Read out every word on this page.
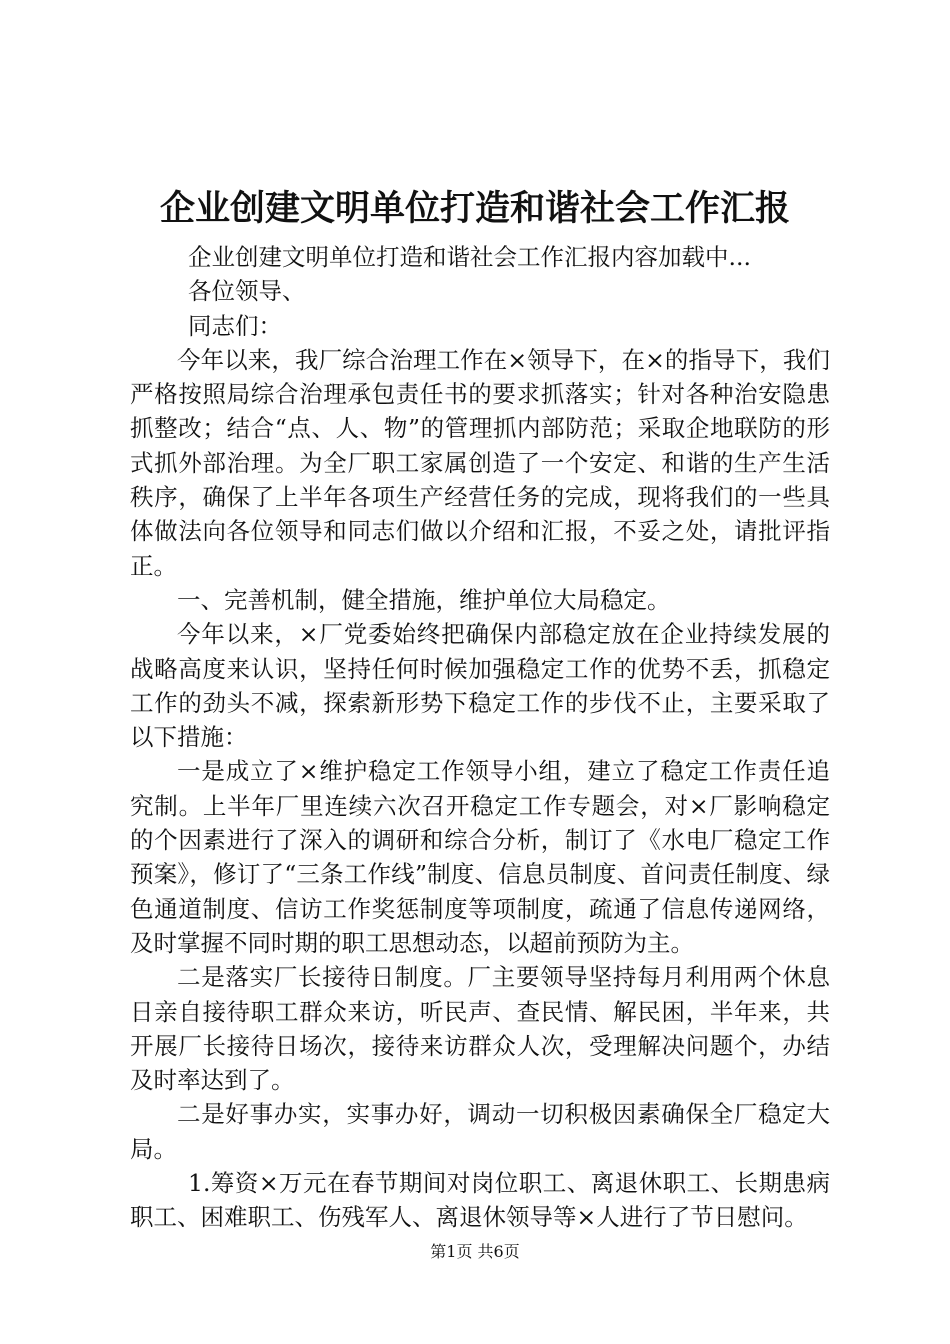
企业创建文明单位打造和谐社会工作汇报

企业创建文明单位打造和谐社会工作汇报内容加载中...

各位领导、

同志们：

今年以来，我厂综合治理工作在×领导下，在×的指导下，我们严格按照局综合治理承包责任书的要求抓落实；针对各种治安隐患抓整改；结合“点、人、物”的管理抓内部防范；采取企地联防的形式抓外部治理。为全厂职工家属创造了一个安定、和谐的生产生活秩序，确保了上半年各项生产经营任务的完成，现将我们的一些具体做法向各位领导和同志们做以介绍和汇报，不妥之处，请批评指正。

一、完善机制，健全措施，维护单位大局稳定。

今年以来，×厂党委始终把确保内部稳定放在企业持续发展的战略高度来认识，坚持任何时候加强稳定工作的优势不丢，抓稳定工作的劲头不减，探索新形势下稳定工作的步伐不止，主要采取了以下措施：

一是成立了×维护稳定工作领导小组，建立了稳定工作责任追究制。上半年厂里连续六次召开稳定工作专题会，对×厂影响稳定的个因素进行了深入的调研和综合分析，制订了《水电厂稳定工作预案》，修订了“三条工作线”制度、信息员制度、首问责任制度、绿色通道制度、信访工作奖惩制度等项制度，疏通了信息传递网络，及时掌握不同时期的职工思想动态，以超前预防为主。

二是落实厂长接待日制度。厂主要领导坚持每月利用两个休息日亲自接待职工群众来访，听民声、查民情、解民困，半年来，共开展厂长接待日场次，接待来访群众人次，受理解决问题个，办结及时率达到了。

二是好事办实，实事办好，调动一切积极因素确保全厂稳定大局。

1.筹资×万元在春节期间对岗位职工、离退休职工、长期患病职工、困难职工、伤残军人、离退休领导等×人进行了节日慰问。

第1页 共6页
